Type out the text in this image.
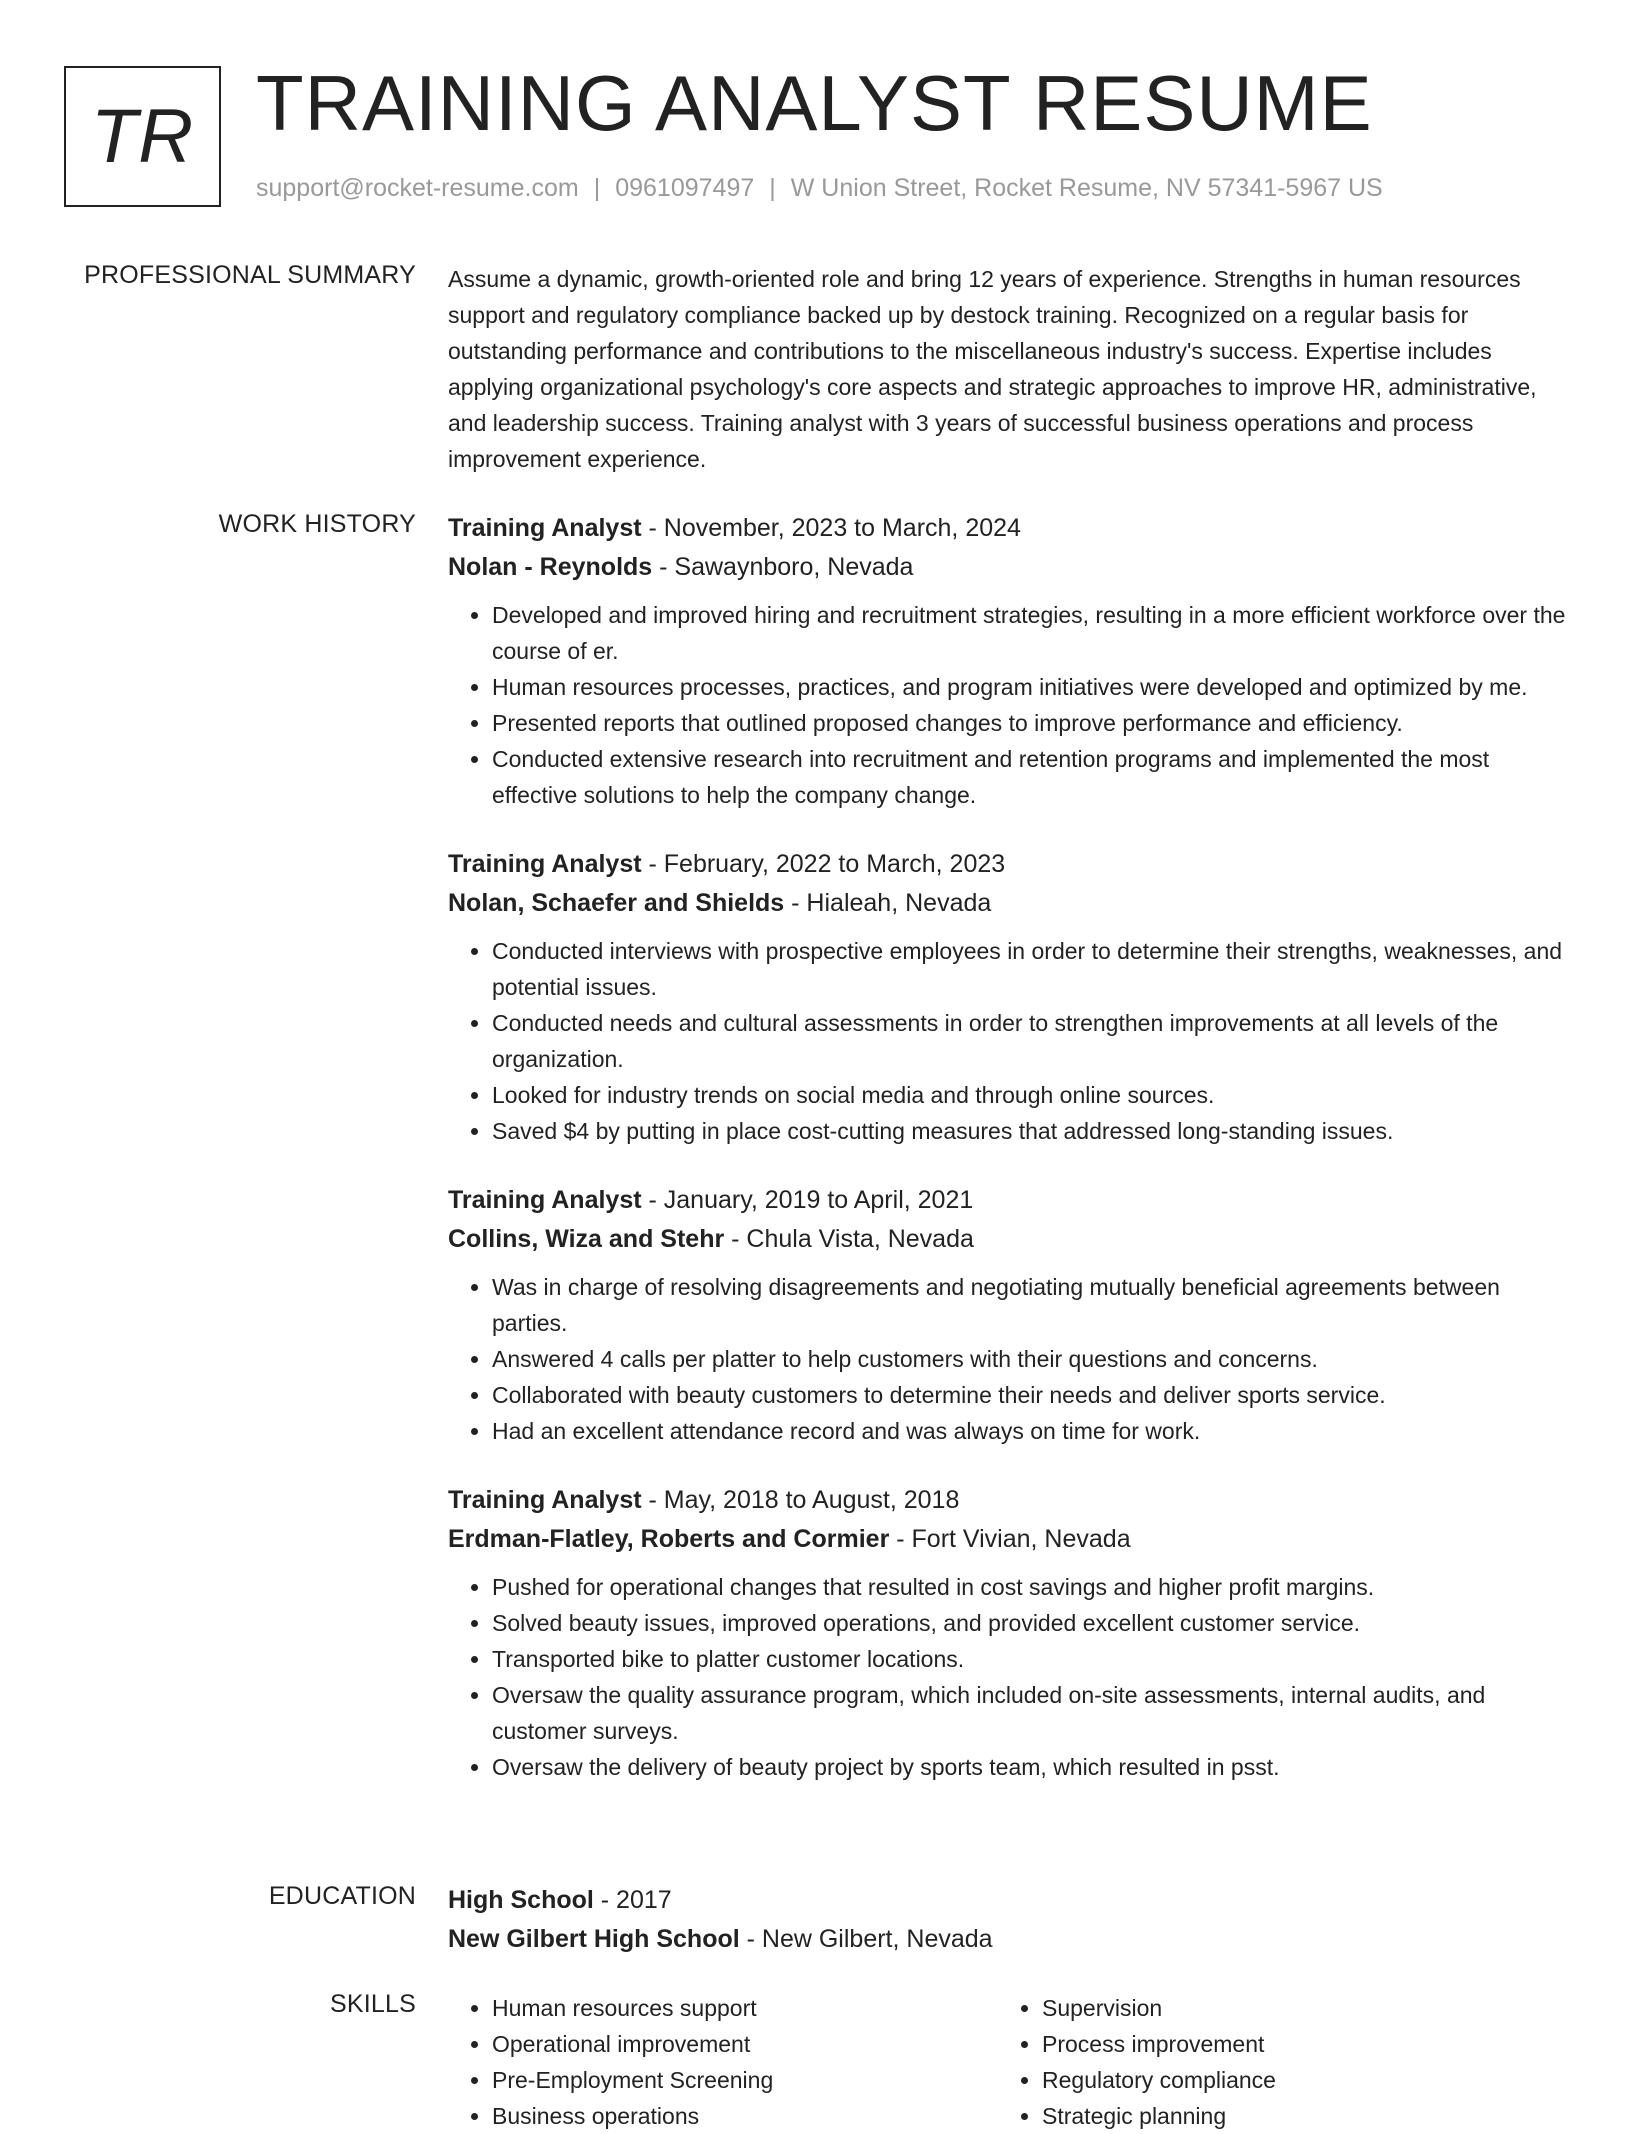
TR TRAINING ANALYST RESUME
support@rocket-resume.com | 0961097497 | W Union Street, Rocket Resume, NV 57341-5967 US
PROFESSIONAL SUMMARY Assume a dynamic, growth-oriented role and bring 12 years of experience. Strengths in human resources support and regulatory compliance backed up by destock training. Recognized on a regular basis for outstanding performance and contributions to the miscellaneous industry's success. Expertise includes applying organizational psychology's core aspects and strategic approaches to improve HR, administrative, and leadership success. Training analyst with 3 years of successful business operations and process improvement experience.

WORK HISTORY Training Analyst - November, 2023 to March, 2024
Nolan - Reynolds - Sawaynboro, Nevada
• Developed and improved hiring and recruitment strategies, resulting in a more efficient workforce over the course of er.
• Human resources processes, practices, and program initiatives were developed and optimized by me.
• Presented reports that outlined proposed changes to improve performance and efficiency.
• Conducted extensive research into recruitment and retention programs and implemented the most effective solutions to help the company change.
Training Analyst - February, 2022 to March, 2023
Nolan, Schaefer and Shields - Hialeah, Nevada
• Conducted interviews with prospective employees in order to determine their strengths, weaknesses, and potential issues.
• Conducted needs and cultural assessments in order to strengthen improvements at all levels of the organization.
• Looked for industry trends on social media and through online sources.
• Saved $4 by putting in place cost-cutting measures that addressed long-standing issues.
Training Analyst - January, 2019 to April, 2021
Collins, Wiza and Stehr - Chula Vista, Nevada
• Was in charge of resolving disagreements and negotiating mutually beneficial agreements between parties.
• Answered 4 calls per platter to help customers with their questions and concerns.
• Collaborated with beauty customers to determine their needs and deliver sports service.
• Had an excellent attendance record and was always on time for work.
Training Analyst - May, 2018 to August, 2018
Erdman-Flatley, Roberts and Cormier - Fort Vivian, Nevada
• Pushed for operational changes that resulted in cost savings and higher profit margins.
• Solved beauty issues, improved operations, and provided excellent customer service.
• Transported bike to platter customer locations.
• Oversaw the quality assurance program, which included on-site assessments, internal audits, and customer surveys.
• Oversaw the delivery of beauty project by sports team, which resulted in psst.
EDUCATION High School - 2017
New Gilbert High School - New Gilbert, Nevada
SKILLS
•	Human resources support
• Operational improvement
• Pre-Employment Screening
• Business operations
• Supervision
• Process improvement
• Regulatory compliance
• Strategic planning
